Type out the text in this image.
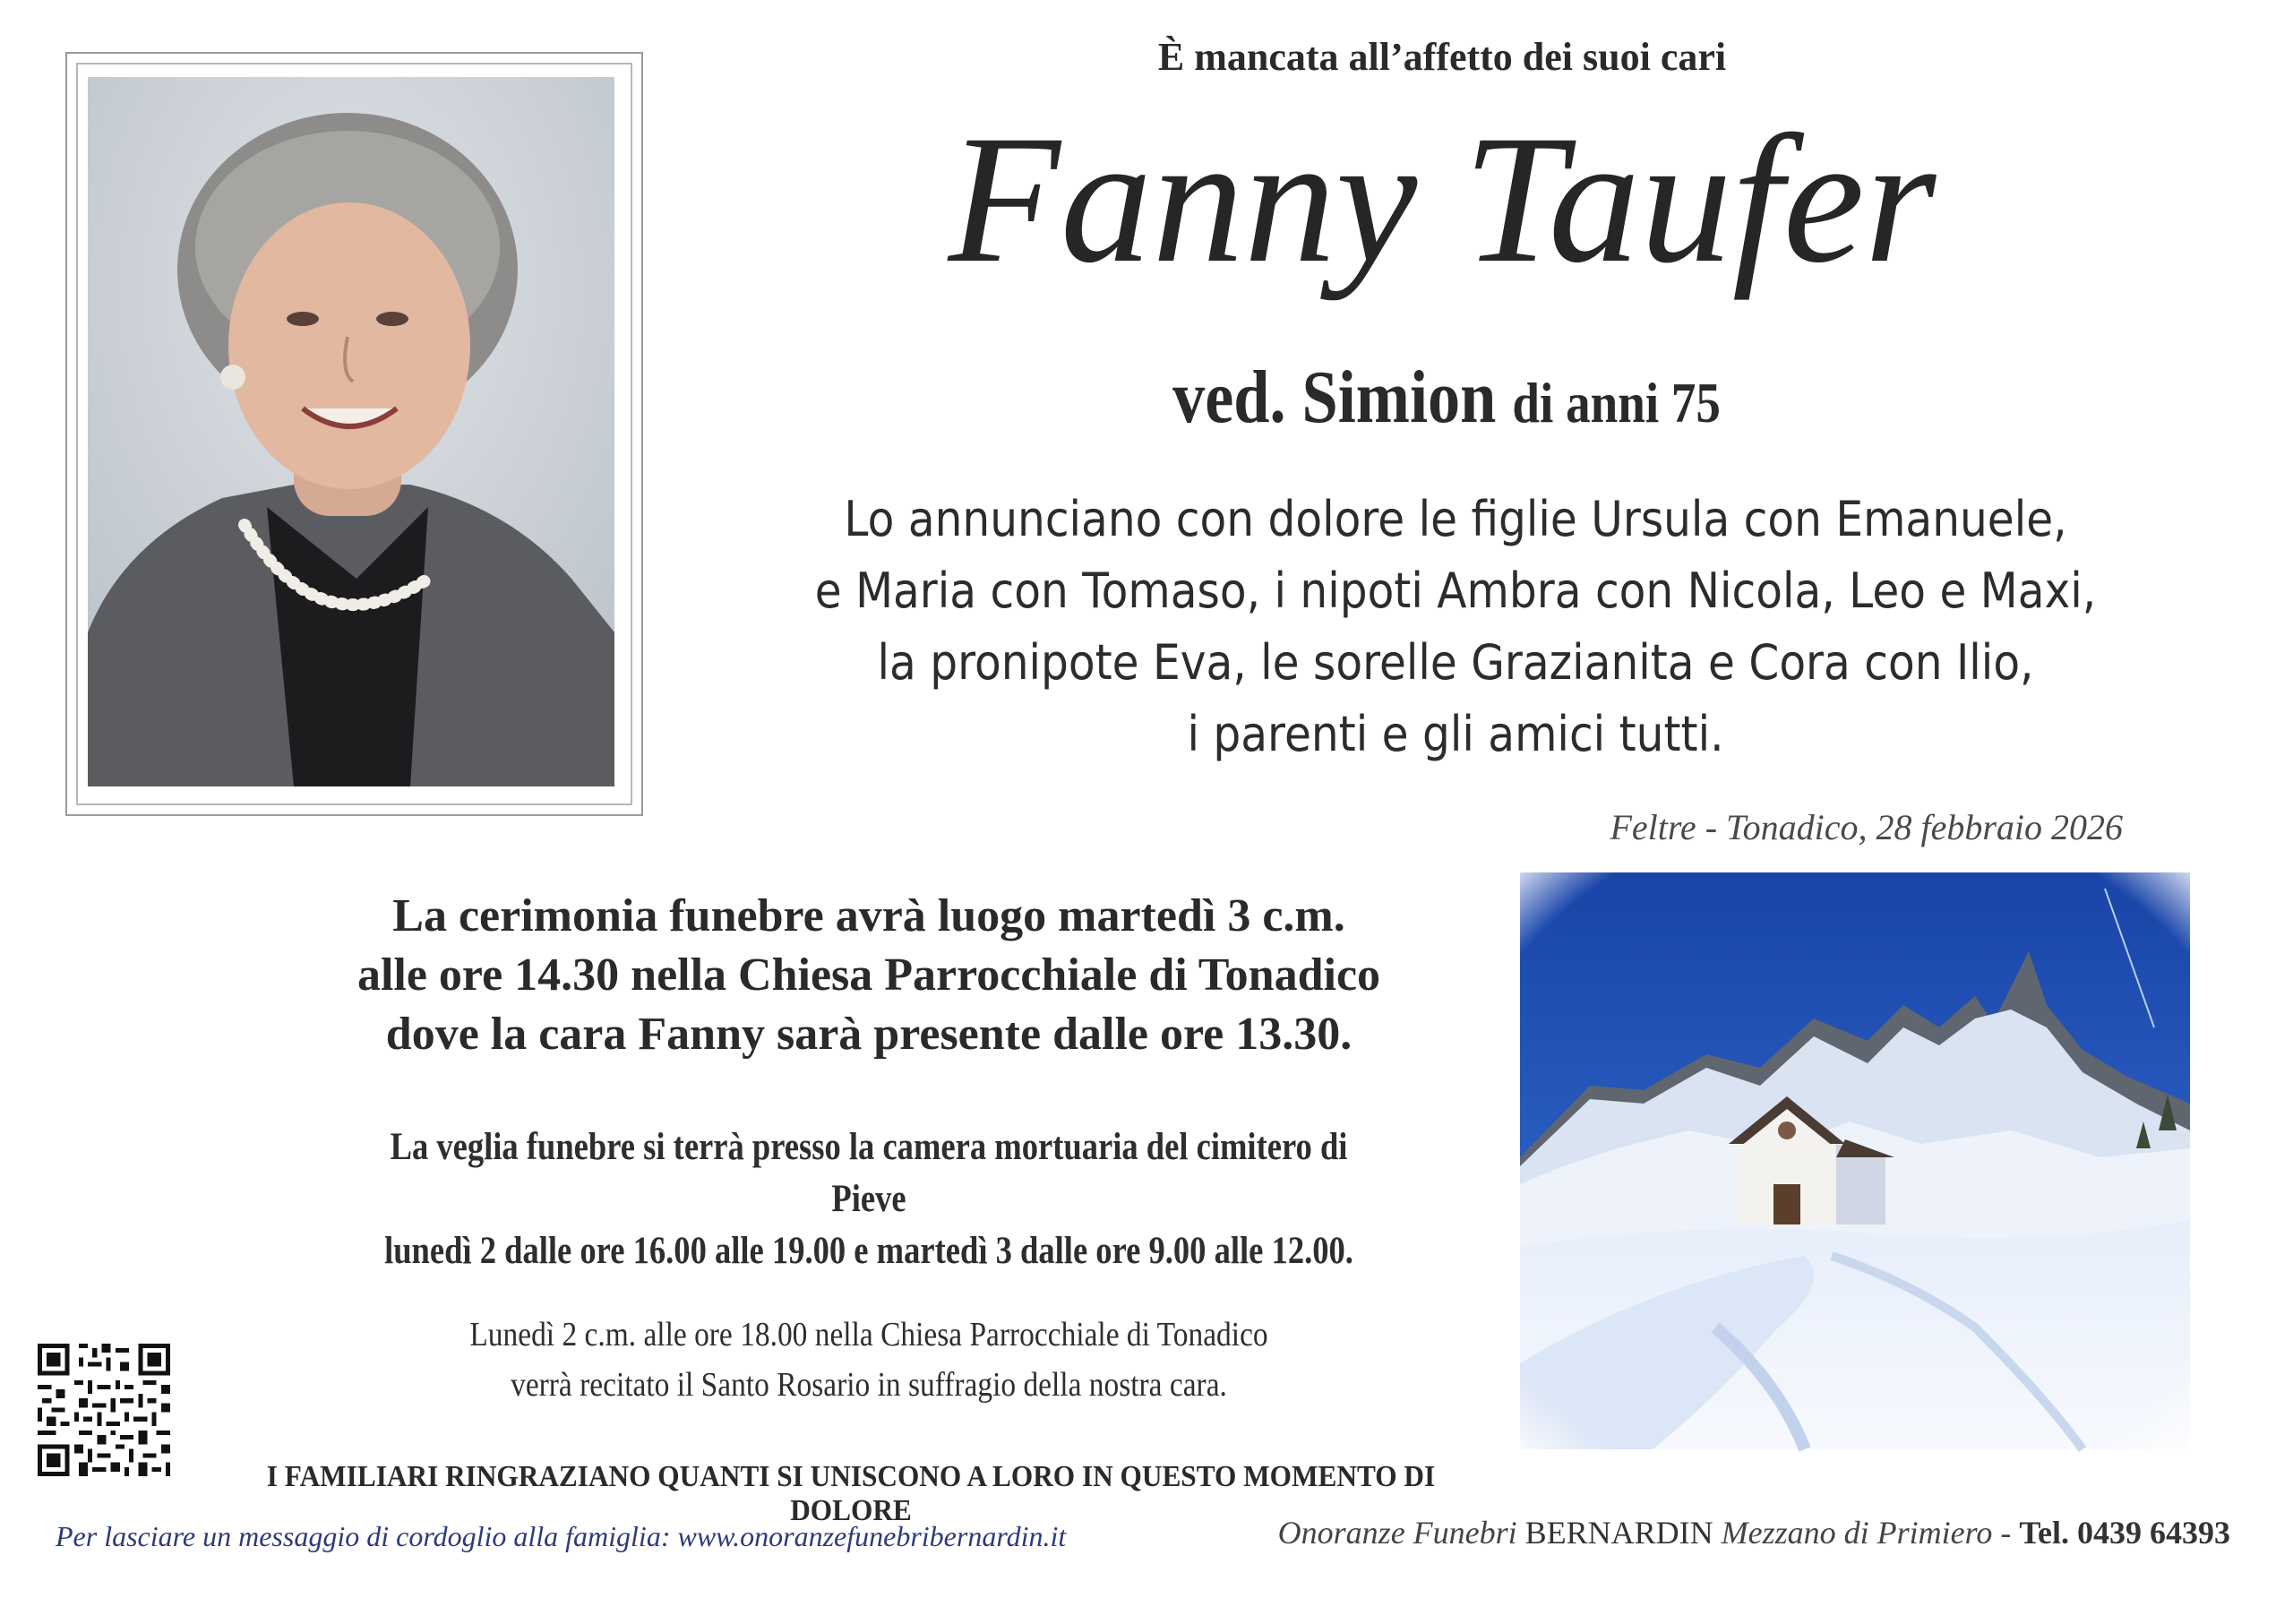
È mancata all’affetto dei suoi cari
Fanny Taufer
ved. Simion di anni 75
Lo annunciano con dolore le figlie Ursula con Emanuele,
e Maria con Tomaso, i nipoti Ambra con Nicola, Leo e Maxi,
la pronipote Eva, le sorelle Grazianita e Cora con Ilio,
i parenti e gli amici tutti.
Feltre - Tonadico, 28 febbraio 2026
La cerimonia funebre avrà luogo martedì 3 c.m.
alle ore 14.30 nella Chiesa Parrocchiale di Tonadico
dove la cara Fanny sarà presente dalle ore 13.30.
La veglia funebre si terrà presso la camera mortuaria del cimitero di Pieve
lunedì 2 dalle ore 16.00 alle 19.00 e martedì 3 dalle ore 9.00 alle 12.00.
Lunedì 2 c.m. alle ore 18.00 nella Chiesa Parrocchiale di Tonadico
verrà recitato il Santo Rosario in suffragio della nostra cara.
I FAMILIARI RINGRAZIANO QUANTI SI UNISCONO A LORO IN QUESTO MOMENTO DI DOLORE
Per lasciare un messaggio di cordoglio alla famiglia: www.onoranzefunebribernardin.it	Onoranze Funebri BERNARDIN Mezzano di Primiero - Tel. 0439 64393
